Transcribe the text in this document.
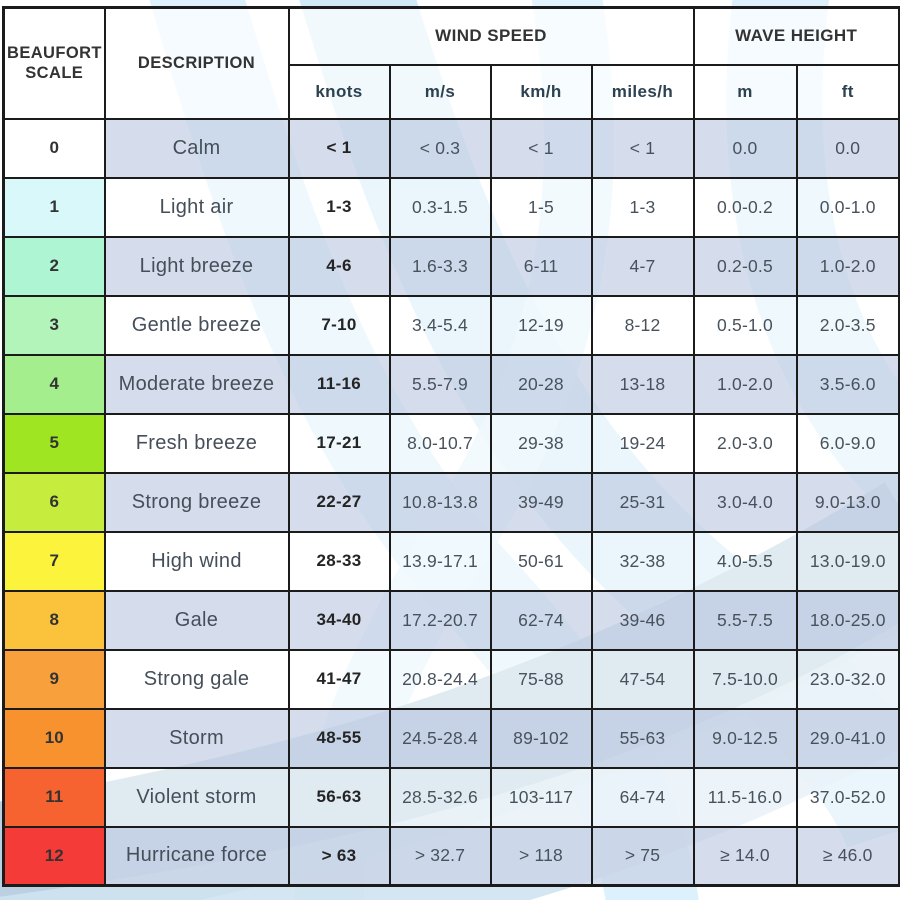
BEAUFORT SCALE	DESCRIPTION	WIND SPEED				WAVE HEIGHT	
		knots	m/s	km/h	miles/h	m	ft
0	Calm	< 1	< 0.3	< 1	< 1	0.0	0.0
1	Light air	1-3	0.3-1.5	1-5	1-3	0.0-0.2	0.0-1.0
2	Light breeze	4-6	1.6-3.3	6-11	4-7	0.2-0.5	1.0-2.0
3	Gentle breeze	7-10	3.4-5.4	12-19	8-12	0.5-1.0	2.0-3.5
4	Moderate breeze	11-16	5.5-7.9	20-28	13-18	1.0-2.0	3.5-6.0
5	Fresh breeze	17-21	8.0-10.7	29-38	19-24	2.0-3.0	6.0-9.0
6	Strong breeze	22-27	10.8-13.8	39-49	25-31	3.0-4.0	9.0-13.0
7	High wind	28-33	13.9-17.1	50-61	32-38	4.0-5.5	13.0-19.0
8	Gale	34-40	17.2-20.7	62-74	39-46	5.5-7.5	18.0-25.0
9	Strong gale	41-47	20.8-24.4	75-88	47-54	7.5-10.0	23.0-32.0
10	Storm	48-55	24.5-28.4	89-102	55-63	9.0-12.5	29.0-41.0
11	Violent storm	56-63	28.5-32.6	103-117	64-74	11.5-16.0	37.0-52.0
12	Hurricane force	> 63	> 32.7	> 118	> 75	≥ 14.0	≥ 46.0
